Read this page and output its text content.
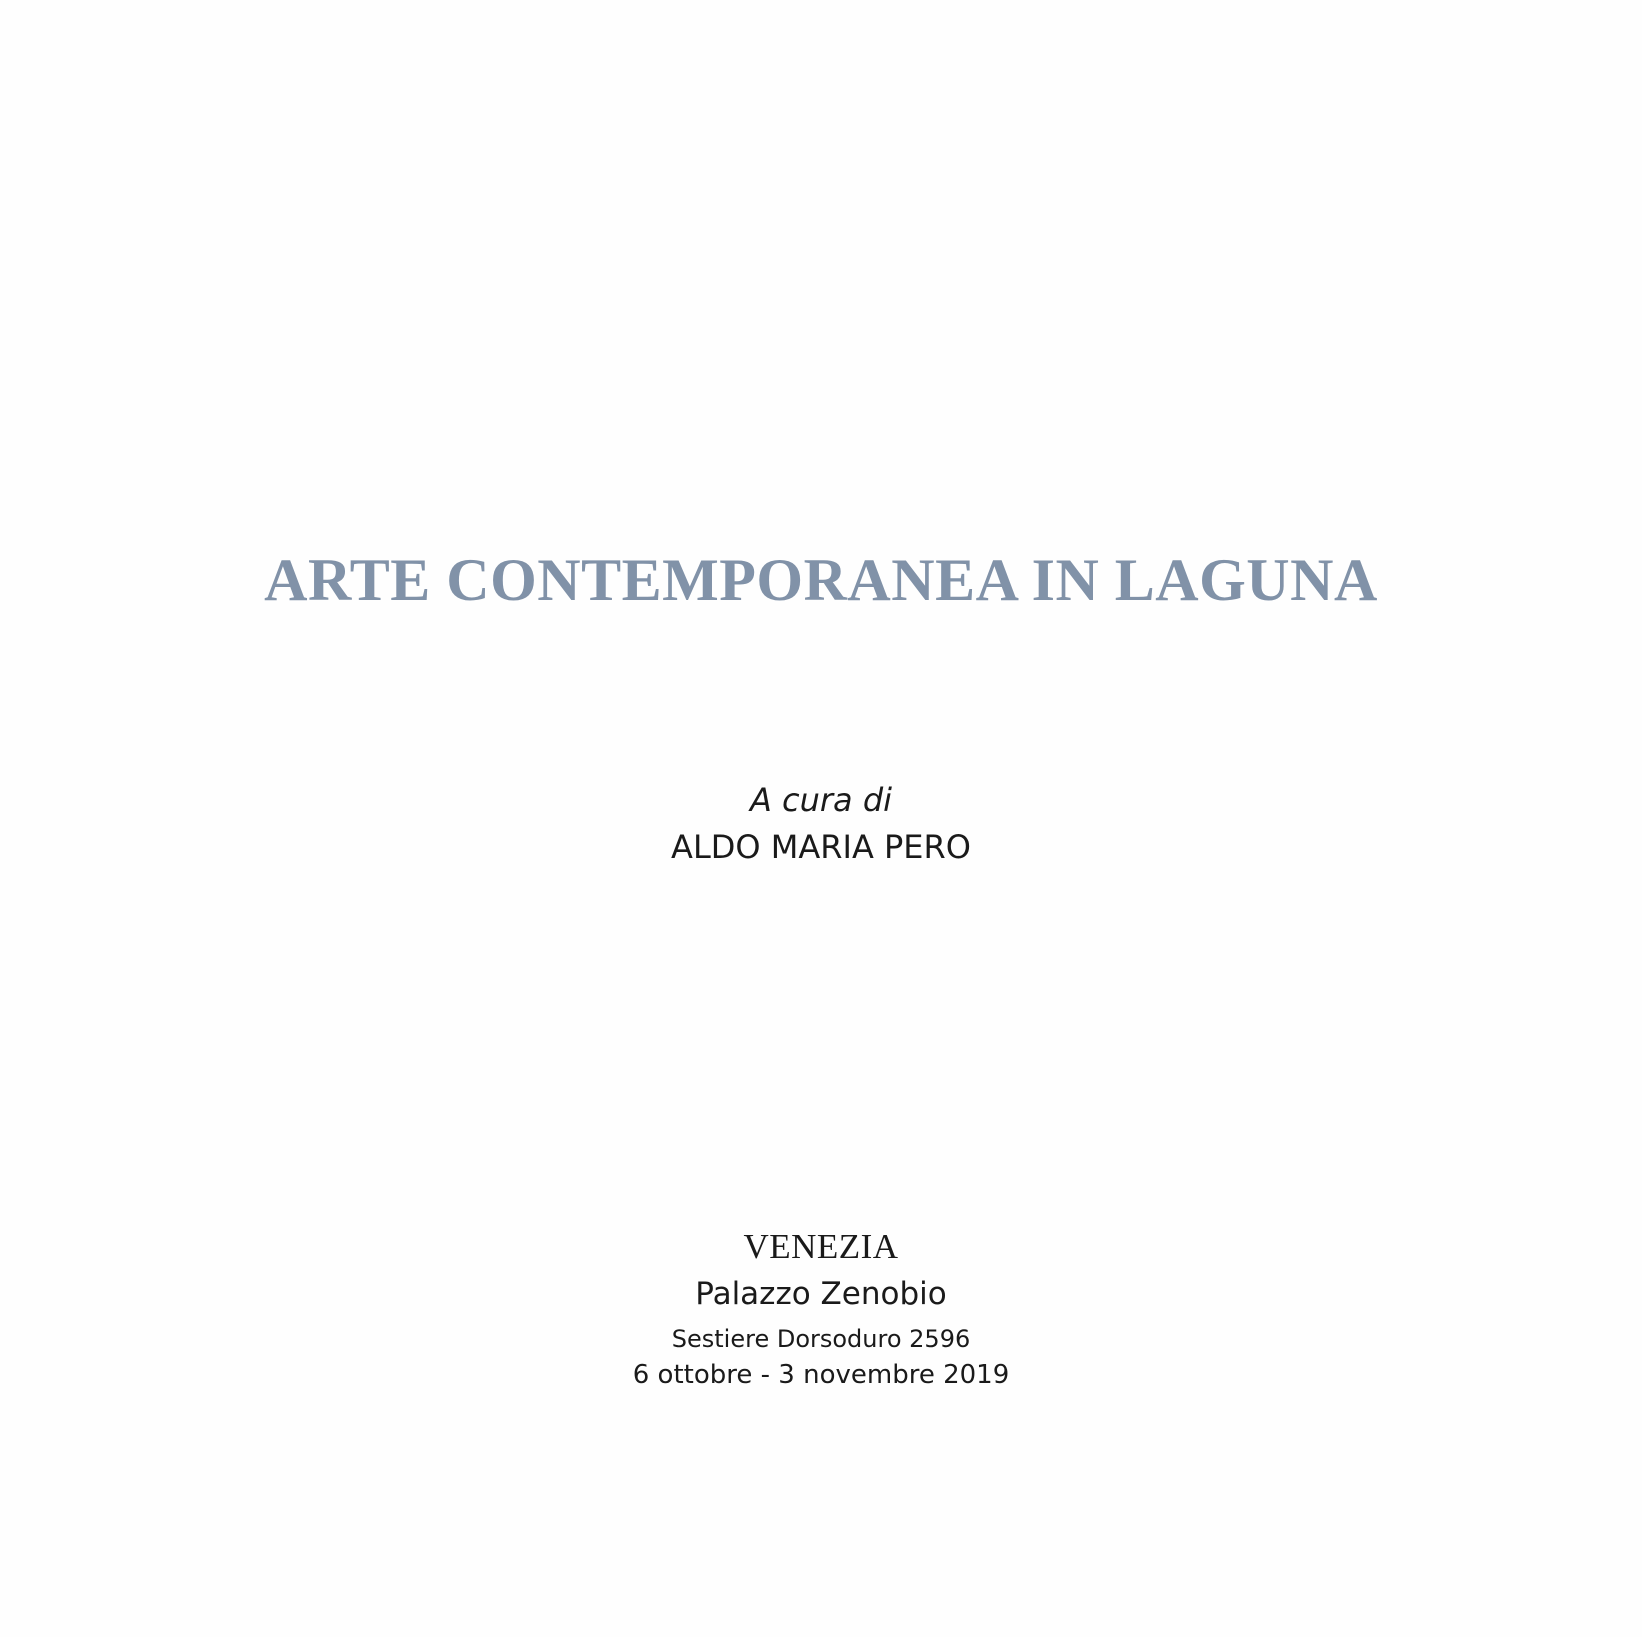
ARTE CONTEMPORANEA IN LAGUNA
A cura di
ALDO MARIA PERO
VENEZIA
Palazzo Zenobio
Sestiere Dorsoduro 2596
6 ottobre - 3 novembre 2019
